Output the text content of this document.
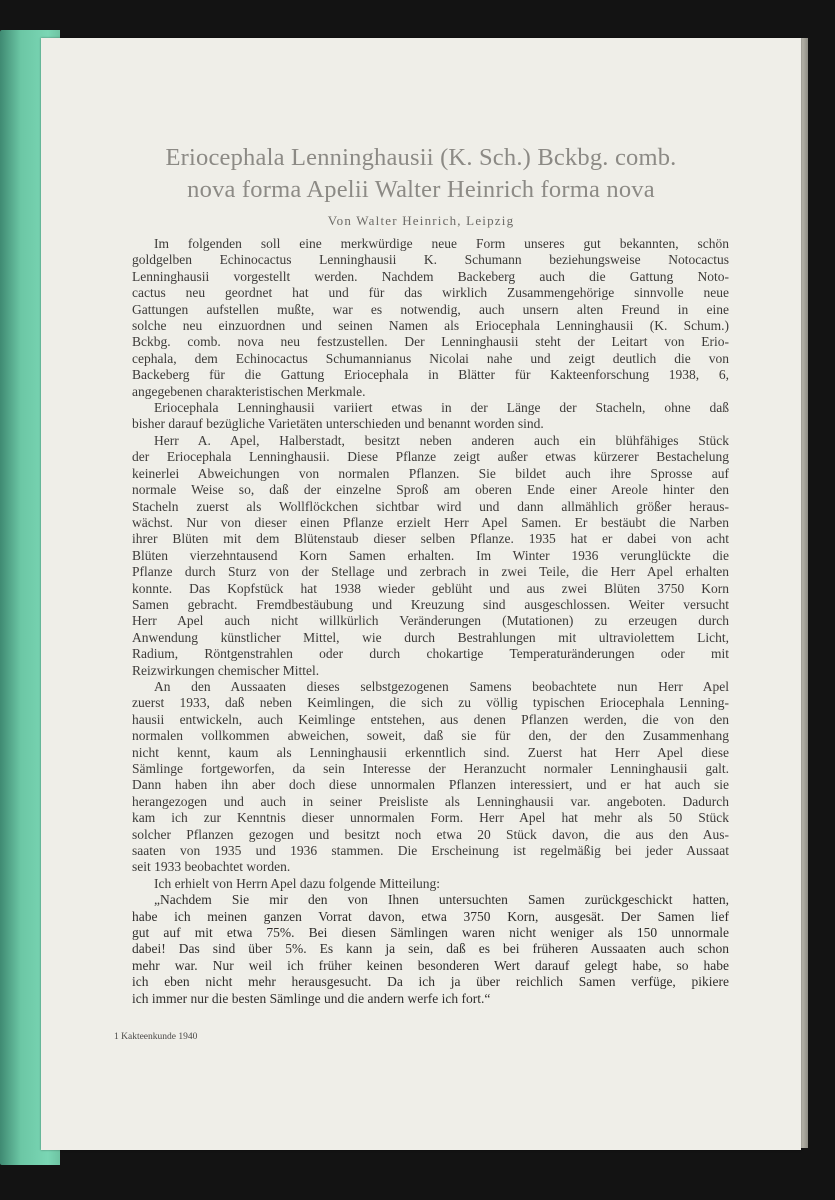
Eriocephala Lenninghausii (K. Sch.) Bckbg. comb.
nova forma Apelii Walter Heinrich forma nova
Von Walter Heinrich, Leipzig
Im folgenden soll eine merkwürdige neue Form unseres gut bekannten, schön
goldgelben Echinocactus Lenninghausii K. Schumann beziehungsweise Notocactus
Lenninghausii vorgestellt werden. Nachdem Backeberg auch die Gattung Noto-
cactus neu geordnet hat und für das wirklich Zusammengehörige sinnvolle neue
Gattungen aufstellen mußte, war es notwendig, auch unsern alten Freund in eine
solche neu einzuordnen und seinen Namen als Eriocephala Lenninghausii (K. Schum.)
Bckbg. comb. nova neu festzustellen. Der Lenninghausii steht der Leitart von Erio-
cephala, dem Echinocactus Schumannianus Nicolai nahe und zeigt deutlich die von
Backeberg für die Gattung Eriocephala in Blätter für Kakteenforschung 1938, 6,
angegebenen charakteristischen Merkmale.
Eriocephala Lenninghausii variiert etwas in der Länge der Stacheln, ohne daß
bisher darauf bezügliche Varietäten unterschieden und benannt worden sind.
Herr A. Apel, Halberstadt, besitzt neben anderen auch ein blühfähiges Stück
der Eriocephala Lenninghausii. Diese Pflanze zeigt außer etwas kürzerer Bestachelung
keinerlei Abweichungen von normalen Pflanzen. Sie bildet auch ihre Sprosse auf
normale Weise so, daß der einzelne Sproß am oberen Ende einer Areole hinter den
Stacheln zuerst als Wollflöckchen sichtbar wird und dann allmählich größer heraus-
wächst. Nur von dieser einen Pflanze erzielt Herr Apel Samen. Er bestäubt die Narben
ihrer Blüten mit dem Blütenstaub dieser selben Pflanze. 1935 hat er dabei von acht
Blüten vierzehntausend Korn Samen erhalten. Im Winter 1936 verunglückte die
Pflanze durch Sturz von der Stellage und zerbrach in zwei Teile, die Herr Apel erhalten
konnte. Das Kopfstück hat 1938 wieder geblüht und aus zwei Blüten 3750 Korn
Samen gebracht. Fremdbestäubung und Kreuzung sind ausgeschlossen. Weiter versucht
Herr Apel auch nicht willkürlich Veränderungen (Mutationen) zu erzeugen durch
Anwendung künstlicher Mittel, wie durch Bestrahlungen mit ultraviolettem Licht,
Radium, Röntgenstrahlen oder durch chokartige Temperaturänderungen oder mit
Reizwirkungen chemischer Mittel.
An den Aussaaten dieses selbstgezogenen Samens beobachtete nun Herr Apel
zuerst 1933, daß neben Keimlingen, die sich zu völlig typischen Eriocephala Lenning-
hausii entwickeln, auch Keimlinge entstehen, aus denen Pflanzen werden, die von den
normalen vollkommen abweichen, soweit, daß sie für den, der den Zusammenhang
nicht kennt, kaum als Lenninghausii erkenntlich sind. Zuerst hat Herr Apel diese
Sämlinge fortgeworfen, da sein Interesse der Heranzucht normaler Lenninghausii galt.
Dann haben ihn aber doch diese unnormalen Pflanzen interessiert, und er hat auch sie
herangezogen und auch in seiner Preisliste als Lenninghausii var. angeboten. Dadurch
kam ich zur Kenntnis dieser unnormalen Form. Herr Apel hat mehr als 50 Stück
solcher Pflanzen gezogen und besitzt noch etwa 20 Stück davon, die aus den Aus-
saaten von 1935 und 1936 stammen. Die Erscheinung ist regelmäßig bei jeder Aussaat
seit 1933 beobachtet worden.
Ich erhielt von Herrn Apel dazu folgende Mitteilung:
„Nachdem Sie mir den von Ihnen untersuchten Samen zurückgeschickt hatten,
habe ich meinen ganzen Vorrat davon, etwa 3750 Korn, ausgesät. Der Samen lief
gut auf mit etwa 75%. Bei diesen Sämlingen waren nicht weniger als 150 unnormale
dabei! Das sind über 5%. Es kann ja sein, daß es bei früheren Aussaaten auch schon
mehr war. Nur weil ich früher keinen besonderen Wert darauf gelegt habe, so habe
ich eben nicht mehr herausgesucht. Da ich ja über reichlich Samen verfüge, pikiere
ich immer nur die besten Sämlinge und die andern werfe ich fort.“
1 Kakteenkunde 1940
